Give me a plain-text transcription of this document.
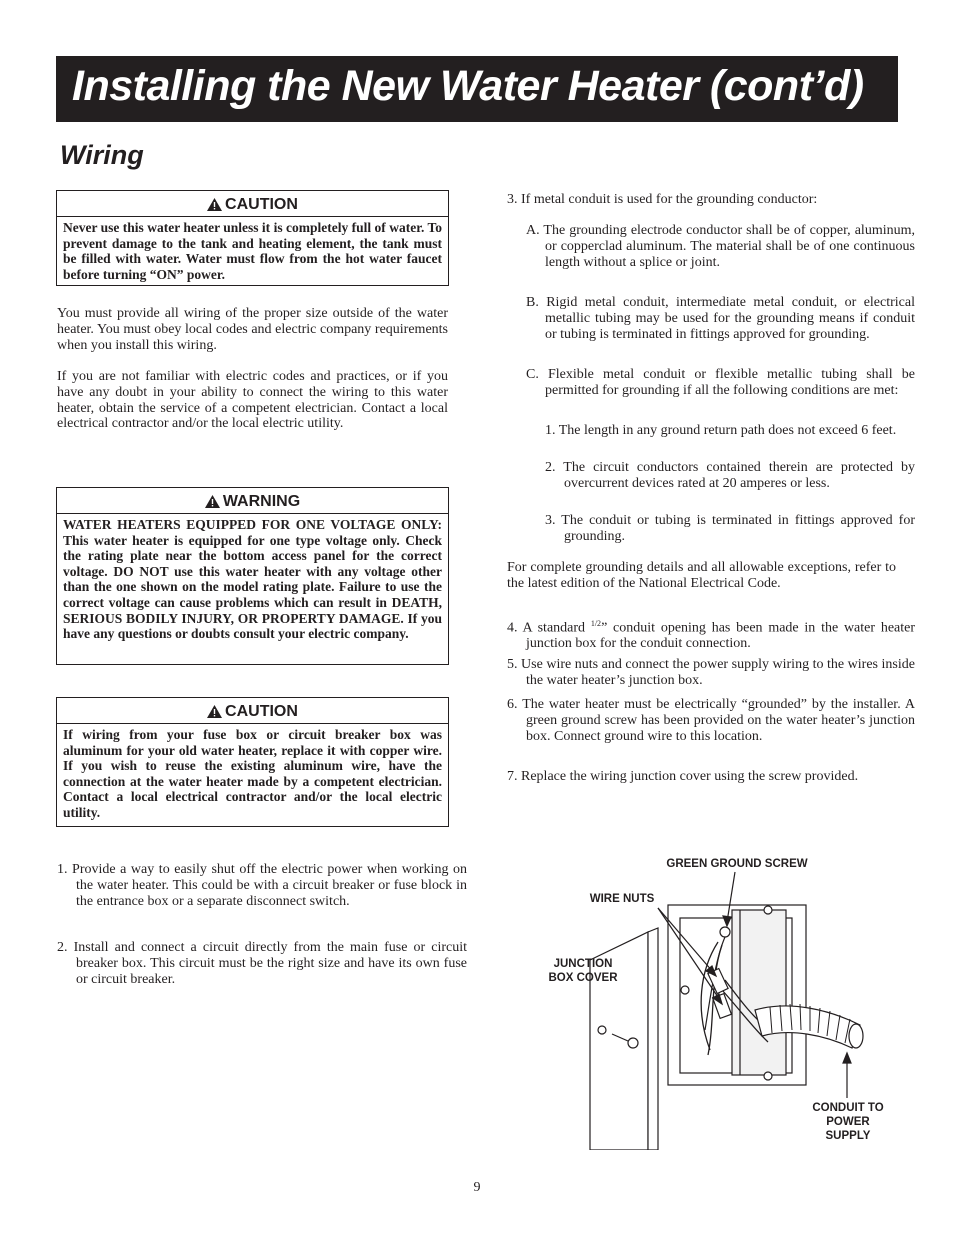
Installing the New Water Heater (cont’d)
Wiring
CAUTION
Never use this water heater unless it is completely full of water. To prevent damage to the tank and heating element, the tank must be filled with water. Water must flow from the hot water faucet before turning “ON” power.
You must provide all wiring of the proper size outside of the water heater. You must obey local codes and electric company requirements when you install this wiring.
If you are not familiar with electric codes and practices, or if you have any doubt in your ability to connect the wiring to this water heater, obtain the service of a competent electrician. Contact a local electrical contractor and/or the local electric utility.
WARNING
WATER HEATERS EQUIPPED FOR ONE VOLTAGE ONLY: This water heater is equipped for one type voltage only. Check the rating plate near the bottom access panel for the correct voltage. DO NOT use this water heater with any voltage other than the one shown on the model rating plate. Failure to use the correct voltage can cause problems which can result in DEATH, SERIOUS BODILY INJURY, OR PROPERTY DAMAGE. If you have any questions or doubts consult your electric company.
CAUTION
If wiring from your fuse box or circuit breaker box was aluminum for your old water heater, replace it with copper wire. If you wish to reuse the existing aluminum wire, have the connection at the water heater made by a competent electrician. Contact a local electrical contractor and/or the local electric utility.
1. Provide a way to easily shut off the electric power when working on the water heater. This could be with a circuit breaker or fuse block in the entrance box or a separate disconnect switch.
2. Install and connect a circuit directly from the main fuse or circuit breaker box. This circuit must be the right size and have its own fuse or circuit breaker.
3. If metal conduit is used for the grounding conductor:
A. The grounding electrode conductor shall be of copper, aluminum, or copperclad aluminum. The material shall be of one continuous length without a splice or joint.
B. Rigid metal conduit, intermediate metal conduit, or electrical metallic tubing may be used for the grounding means if conduit or tubing is terminated in fittings approved for grounding.
C. Flexible metal conduit or flexible metallic tubing shall be permitted for grounding if all the following conditions are met:
1. The length in any ground return path does not exceed 6 feet.
2. The circuit conductors contained therein are protected by overcurrent devices rated at 20 amperes or less.
3. The conduit or tubing is terminated in fittings approved for grounding.
For complete grounding details and all allowable exceptions, refer to the latest edition of the National Electrical Code.
4. A standard $^{1/2}$” conduit opening has been made in the water heater junction box for the conduit connection.
5. Use wire nuts and connect the power supply wiring to the wires inside the water heater’s junction box.
6. The water heater must be electrically “grounded” by the installer. A green ground screw has been provided on the water heater’s junction box. Connect ground wire to this location.
7. Replace the wiring junction cover using the screw provided.
GREEN GROUND SCREW
WIRE NUTS
JUNCTION BOX COVER
CONDUIT TO POWER SUPPLY
9
